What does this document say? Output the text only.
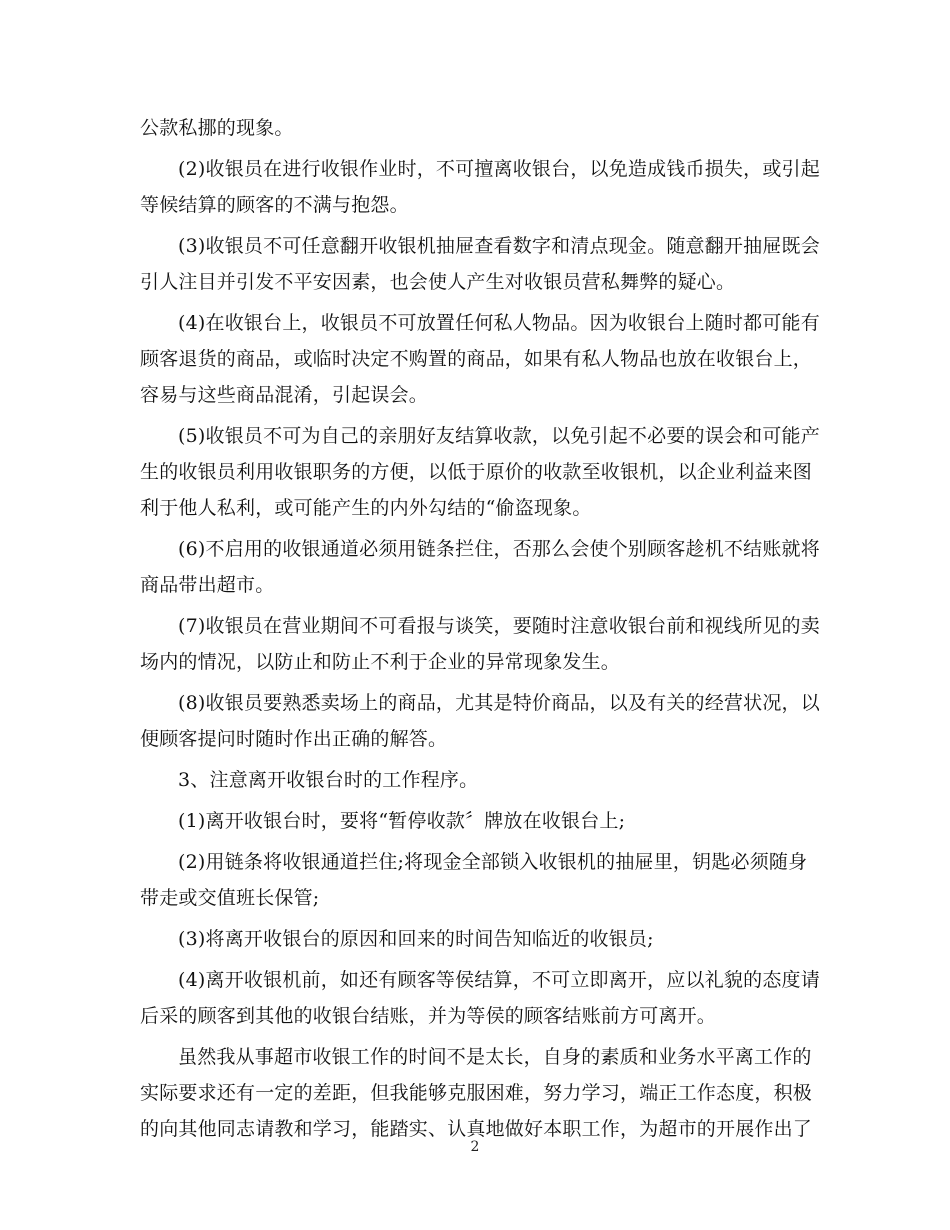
公款私挪的现象。
(2)收银员在进行收银作业时，不可擅离收银台，以免造成钱币损失，或引起
等候结算的顾客的不满与抱怨。
(3)收银员不可任意翻开收银机抽屉查看数字和清点现金。随意翻开抽屉既会
引人注目并引发不平安因素，也会使人产生对收银员营私舞弊的疑心。
(4)在收银台上，收银员不可放置任何私人物品。因为收银台上随时都可能有
顾客退货的商品，或临时决定不购置的商品，如果有私人物品也放在收银台上，
容易与这些商品混淆，引起误会。
(5)收银员不可为自己的亲朋好友结算收款，以免引起不必要的误会和可能产
生的收银员利用收银职务的方便，以低于原价的收款至收银机，以企业利益来图
利于他人私利，或可能产生的内外勾结的“偷盗现象。
(6)不启用的收银通道必须用链条拦住，否那么会使个别顾客趁机不结账就将
商品带出超市。
(7)收银员在营业期间不可看报与谈笑，要随时注意收银台前和视线所见的卖
场内的情况，以防止和防止不利于企业的异常现象发生。
(8)收银员要熟悉卖场上的商品，尤其是特价商品，以及有关的经营状况，以
便顾客提问时随时作出正确的解答。
3、注意离开收银台时的工作程序。
(1)离开收银台时，要将“暂停收款〞牌放在收银台上;
(2)用链条将收银通道拦住;将现金全部锁入收银机的抽屉里，钥匙必须随身
带走或交值班长保管;
(3)将离开收银台的原因和回来的时间告知临近的收银员;
(4)离开收银机前，如还有顾客等侯结算，不可立即离开，应以礼貌的态度请
后采的顾客到其他的收银台结账，并为等侯的顾客结账前方可离开。
虽然我从事超市收银工作的时间不是太长，自身的素质和业务水平离工作的
实际要求还有一定的差距，但我能够克服困难，努力学习，端正工作态度，积极
的向其他同志请教和学习，能踏实、认真地做好本职工作，为超市的开展作出了
2
